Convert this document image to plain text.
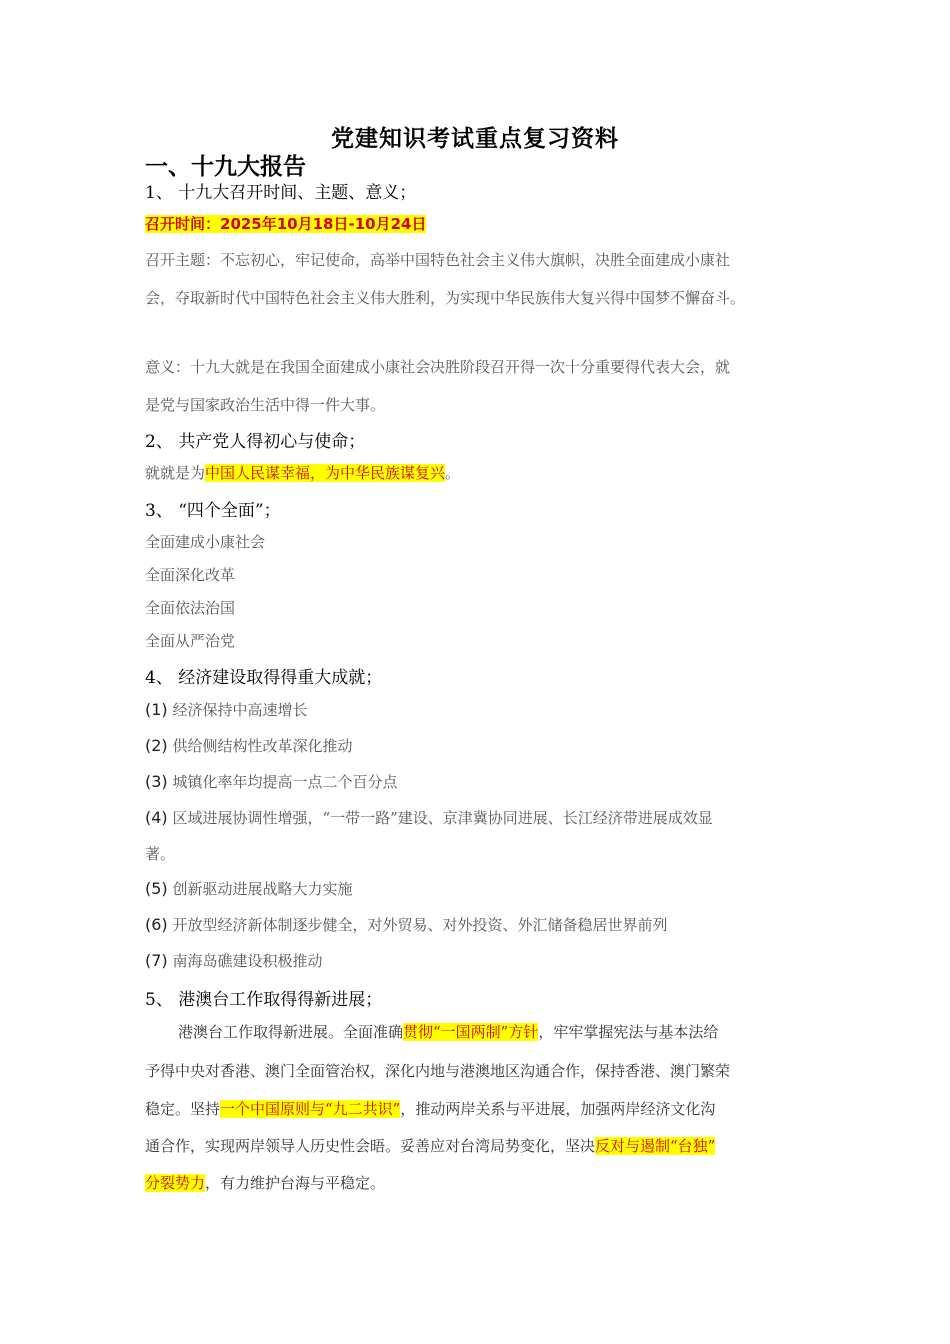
党建知识考试重点复习资料
一、十九大报告
1、 十九大召开时间、主题、意义；
召开时间：2025年10月18日-10月24日
召开主题：不忘初心，牢记使命，高举中国特色社会主义伟大旗帜，决胜全面建成小康社
会，夺取新时代中国特色社会主义伟大胜利，为实现中华民族伟大复兴得中国梦不懈奋斗。
意义：十九大就是在我国全面建成小康社会决胜阶段召开得一次十分重要得代表大会，就
是党与国家政治生活中得一件大事。
2、 共产党人得初心与使命；
就就是为中国人民谋幸福，为中华民族谋复兴。
3、 “四个全面”；
全面建成小康社会
全面深化改革
全面依法治国
全面从严治党
4、 经济建设取得得重大成就；
(1) 经济保持中高速增长
(2) 供给侧结构性改革深化推动
(3) 城镇化率年均提高一点二个百分点
(4) 区域进展协调性增强，“一带一路”建设、京津冀协同进展、长江经济带进展成效显
著。
(5) 创新驱动进展战略大力实施
(6) 开放型经济新体制逐步健全，对外贸易、对外投资、外汇储备稳居世界前列
(7) 南海岛礁建设积极推动
5、 港澳台工作取得得新进展；
港澳台工作取得新进展。全面准确贯彻“一国两制”方针，牢牢掌握宪法与基本法给
予得中央对香港、澳门全面管治权，深化内地与港澳地区沟通合作，保持香港、澳门繁荣
稳定。坚持一个中国原则与“九二共识”，推动两岸关系与平进展，加强两岸经济文化沟
通合作，实现两岸领导人历史性会晤。妥善应对台湾局势变化，坚决反对与遏制“台独”
分裂势力，有力维护台海与平稳定。
